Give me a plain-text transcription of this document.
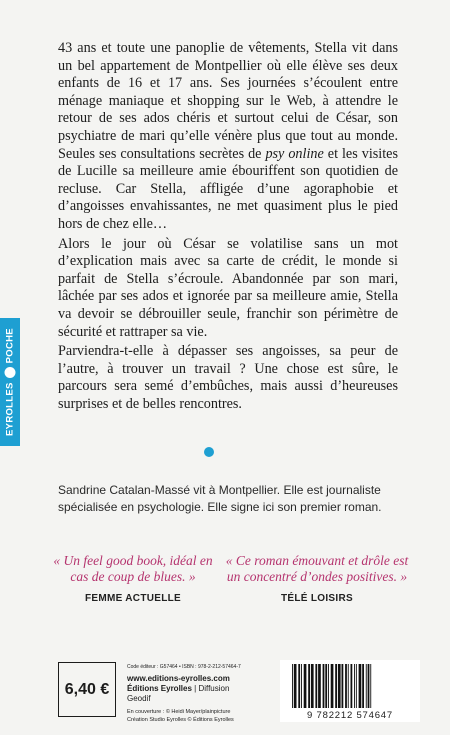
EYROLLES
POCHE

43 ans et toute une panoplie de vêtements, Stella vit dans un bel appartement de Montpellier où elle élève ses deux enfants de 16 et 17 ans. Ses journées s’écoulent entre ménage maniaque et shopping sur le Web, à attendre le retour de ses ados chéris et surtout celui de César, son psychiatre de mari qu’elle vénère plus que tout au monde. Seules ses consultations secrètes de psy online et les visites de Lucille sa meilleure amie ébouriffent son quotidien de recluse. Car Stella, affligée d’une agoraphobie et d’angoisses envahissantes, ne met quasiment plus le pied hors de chez elle…

Alors le jour où César se volatilise sans un mot d’explication mais avec sa carte de crédit, le monde si parfait de Stella s’écroule. Abandonnée par son mari, lâchée par ses ados et ignorée par sa meilleure amie, Stella va devoir se débrouiller seule, franchir son périmètre de sécurité et rattraper sa vie.

Parviendra-t-elle à dépasser ses angoisses, sa peur de l’autre, à trouver un travail ? Une chose est sûre, le parcours sera semé d’embûches, mais aussi d’heureuses surprises et de belles rencontres.

Sandrine Catalan-Massé vit à Montpellier. Elle est journaliste spécialisée en psychologie. Elle signe ici son premier roman.
« Un feel good book, idéal en cas de coup de blues. »
FEMME ACTUELLE
« Ce roman émouvant et drôle est un concentré d’ondes positives. »
TÉLÉ LOISIRS
6,40 €
Code éditeur : G57464 • ISBN : 978-2-212-57464-7
www.editions-eyrolles.com
Éditions Eyrolles | Diffusion Geodif
En couverture : © Heidi Mayer/plainpicture
Création Studio Eyrolles © Éditions Eyrolles	9 782212 574647
